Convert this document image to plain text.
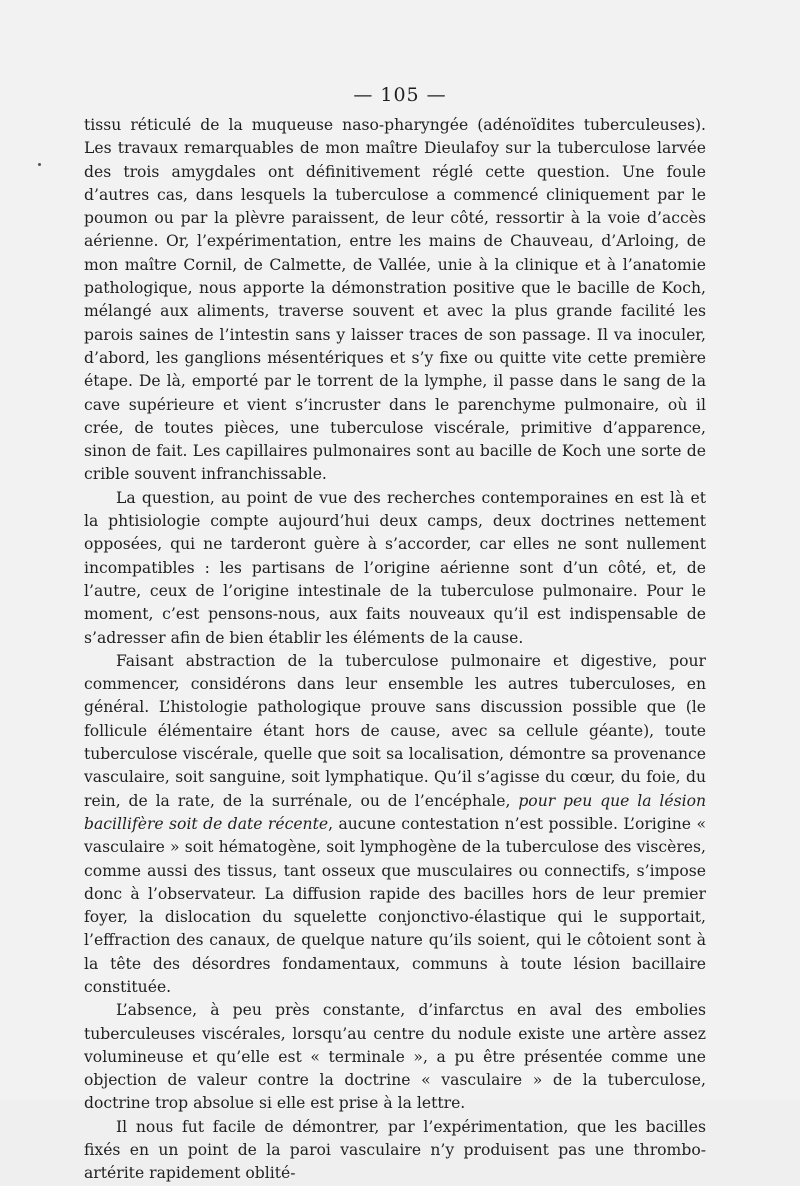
— 105 —

tissu réticulé de la muqueuse naso-pharyngée (adénoïdites tuberculeuses). Les travaux remarquables de mon maître Dieulafoy sur la tuberculose larvée des trois amygdales ont définitivement réglé cette question. Une foule d’autres cas, dans lesquels la tuberculose a commencé cliniquement par le poumon ou par la plèvre paraissent, de leur côté, ressortir à la voie d’accès aérienne. Or, l’expérimentation, entre les mains de Chauveau, d’Arloing, de mon maître Cornil, de Calmette, de Vallée, unie à la clinique et à l’anatomie pathologique, nous apporte la démonstration positive que le bacille de Koch, mélangé aux aliments, traverse souvent et avec la plus grande facilité les parois saines de l’intestin sans y laisser traces de son passage. Il va inoculer, d’abord, les ganglions mésentériques et s’y fixe ou quitte vite cette première étape. De là, emporté par le torrent de la lymphe, il passe dans le sang de la cave supérieure et vient s’incruster dans le parenchyme pulmonaire, où il crée, de toutes pièces, une tuberculose viscérale, primitive d’apparence, sinon de fait. Les capillaires pulmonaires sont au bacille de Koch une sorte de crible souvent infranchissable.

La question, au point de vue des recherches contemporaines en est là et la phtisiologie compte aujourd’hui deux camps, deux doctrines nettement opposées, qui ne tarderont guère à s’accorder, car elles ne sont nullement incompatibles : les partisans de l’origine aérienne sont d’un côté, et, de l’autre, ceux de l’origine intestinale de la tuberculose pulmonaire. Pour le moment, c’est pensons-nous, aux faits nouveaux qu’il est indispensable de s’adresser afin de bien établir les éléments de la cause.

Faisant abstraction de la tuberculose pulmonaire et digestive, pour commencer, considérons dans leur ensemble les autres tuberculoses, en général. L’histologie pathologique prouve sans discussion possible que (le follicule élémentaire étant hors de cause, avec sa cellule géante), toute tuberculose viscérale, quelle que soit sa localisation, démontre sa provenance vasculaire, soit sanguine, soit lymphatique. Qu’il s’agisse du cœur, du foie, du rein, de la rate, de la surrénale, ou de l’encéphale, pour peu que la lésion bacillifère soit de date récente, aucune contestation n’est possible. L’origine « vasculaire » soit hématogène, soit lymphogène de la tuberculose des viscères, comme aussi des tissus, tant osseux que musculaires ou connectifs, s’impose donc à l’observateur. La diffusion rapide des bacilles hors de leur premier foyer, la dislocation du squelette conjonctivo-élastique qui le supportait, l’effraction des canaux, de quelque nature qu’ils soient, qui le côtoient sont à la tête des désordres fondamentaux, communs à toute lésion bacillaire constituée.

L’absence, à peu près constante, d’infarctus en aval des embolies tuberculeuses viscérales, lorsqu’au centre du nodule existe une artère assez volumineuse et qu’elle est « terminale », a pu être présentée comme une objection de valeur contre la doctrine « vasculaire » de la tuberculose, doctrine trop absolue si elle est prise à la lettre.

Il nous fut facile de démontrer, par l’expérimentation, que les bacilles fixés en un point de la paroi vasculaire n’y produisent pas une thrombo-artérite rapidement oblité-
